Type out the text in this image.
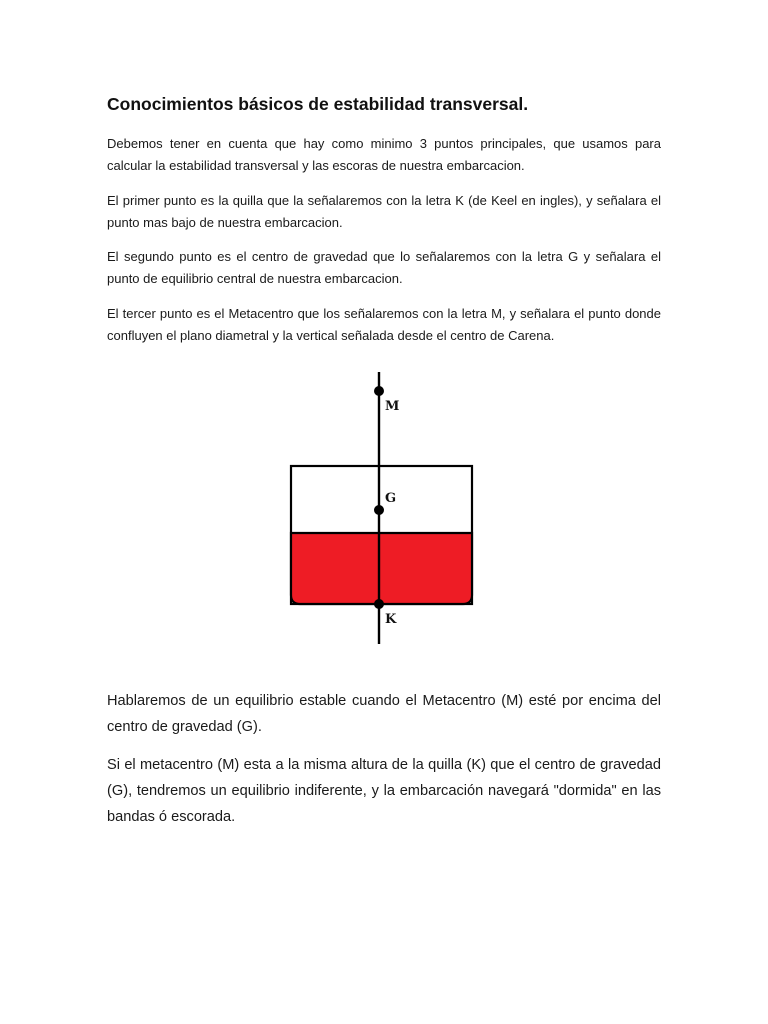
Conocimientos básicos de estabilidad transversal.

Debemos tener en cuenta que hay como minimo 3 puntos principales, que usamos para calcular la estabilidad transversal y las escoras de nuestra embarcacion.

El primer punto es la quilla que la señalaremos con la letra K (de Keel en ingles), y señalara el punto mas bajo de nuestra embarcacion.

El segundo punto es el centro de gravedad que lo señalaremos con la letra G y señalara el punto de equilibrio central de nuestra embarcacion.

El tercer punto es el Metacentro que los señalaremos con la letra M, y señalara el punto donde confluyen el plano diametral y la vertical señalada desde el centro de Carena.

M
G
K

Hablaremos de un equilibrio estable cuando el Metacentro (M) esté por encima del centro de gravedad (G).

Si el metacentro (M) esta a la misma altura de la quilla (K) que el centro de gravedad (G), tendremos un equilibrio indiferente, y la embarcación navegará "dormida" en las bandas ó escorada.
